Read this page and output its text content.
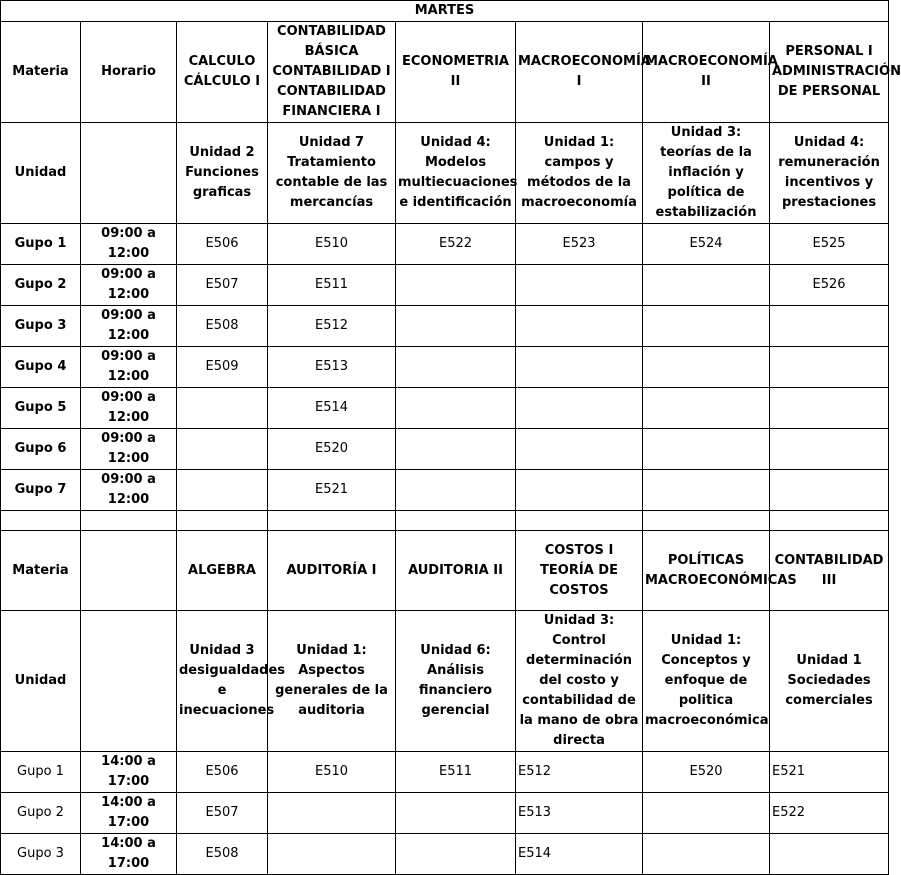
MARTES							
Materia	Horario	CALCULO CÁLCULO I	CONTABILIDAD BÁSICA CONTABILIDAD I CONTABILIDAD FINANCIERA I	ECONOMETRIA II	MACROECONOMÍA I	MACROECONOMÍA II	PERSONAL I ADMINISTRACIÓN DE PERSONAL
Unidad		Unidad 2 Funciones graficas	Unidad 7 Tratamiento contable de las mercancías	Unidad 4: Modelos multiecuaciones e identificación	Unidad 1: campos y métodos de la macroeconomía	Unidad 3: teorías de la inflación y política de estabilización	Unidad 4: remuneración incentivos y prestaciones
Gupo 1	09:00 a 12:00	E506	E510	E522	E523	E524	E525
Gupo 2	09:00 a 12:00	E507	E511				E526
Gupo 3	09:00 a 12:00	E508	E512				
Gupo 4	09:00 a 12:00	E509	E513				
Gupo 5	09:00 a 12:00		E514				
Gupo 6	09:00 a 12:00		E520				
Gupo 7	09:00 a 12:00		E521				

Materia		ALGEBRA	AUDITORÍA I	AUDITORIA II	COSTOS I TEORÍA DE COSTOS	POLÍTICAS MACROECONÓMICAS	CONTABILIDAD III
Unidad		Unidad 3 desigualdades e inecuaciones	Unidad 1: Aspectos generales de la auditoria	Unidad 6: Análisis financiero gerencial	Unidad 3: Control determinación del costo y contabilidad de la mano de obra directa	Unidad 1: Conceptos y enfoque de politica macroeconómica	Unidad 1 Sociedades comerciales
Gupo 1	14:00 a 17:00	E506	E510	E511	E512	E520	E521
Gupo 2	14:00 a 17:00	E507			E513		E522
Gupo 3	14:00 a 17:00	E508			E514		
